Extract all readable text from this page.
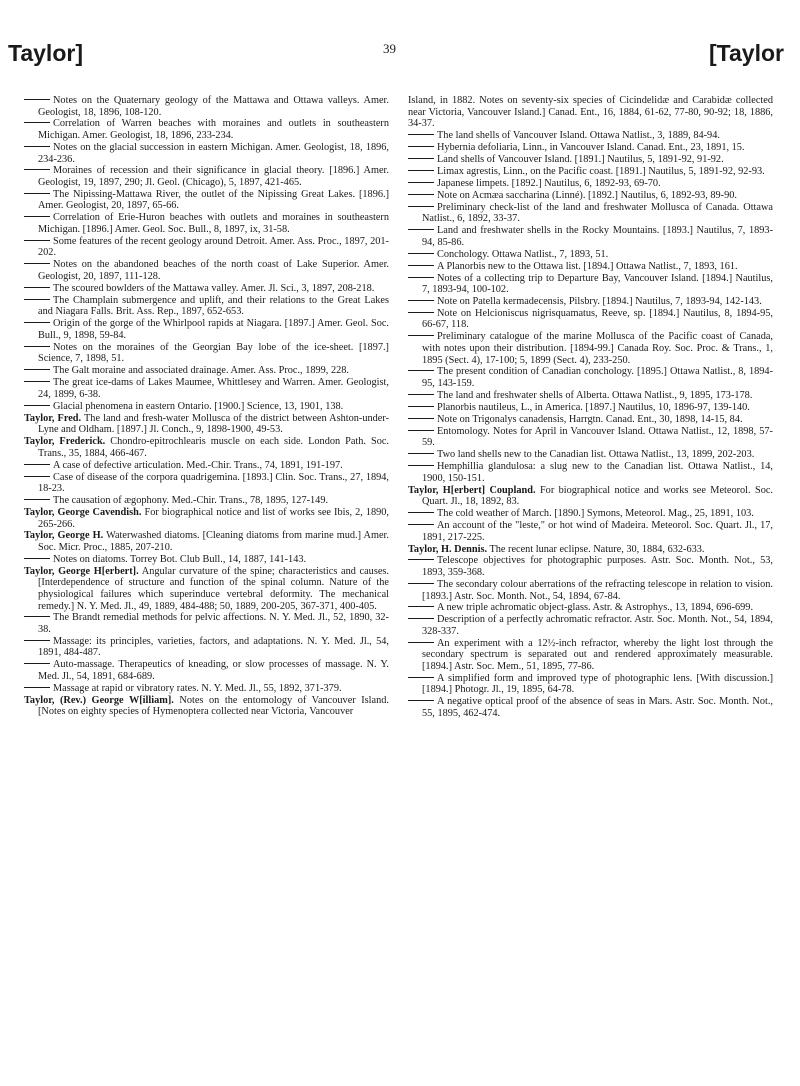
Taylor]	39	[Taylor

Notes on the Quaternary geology of the Mattawa and Ottawa valleys. Amer. Geologist, 18, 1896, 108-120.

Correlation of Warren beaches with moraines and outlets in southeastern Michigan. Amer. Geologist, 18, 1896, 233-234.

Notes on the glacial succession in eastern Michigan. Amer. Geologist, 18, 1896, 234-236.

Moraines of recession and their significance in glacial theory. [1896.] Amer. Geologist, 19, 1897, 290; Jl. Geol. (Chicago), 5, 1897, 421-465.

The Nipissing-Mattawa River, the outlet of the Nipissing Great Lakes. [1896.] Amer. Geologist, 20, 1897, 65-66.

Correlation of Erie-Huron beaches with outlets and moraines in southeastern Michigan. [1896.] Amer. Geol. Soc. Bull., 8, 1897, ix, 31-58.

Some features of the recent geology around Detroit. Amer. Ass. Proc., 1897, 201-202.

Notes on the abandoned beaches of the north coast of Lake Superior. Amer. Geologist, 20, 1897, 111-128.

The scoured bowlders of the Mattawa valley. Amer. Jl. Sci., 3, 1897, 208-218.

The Champlain submergence and uplift, and their relations to the Great Lakes and Niagara Falls. Brit. Ass. Rep., 1897, 652-653.

Origin of the gorge of the Whirlpool rapids at Niagara. [1897.] Amer. Geol. Soc. Bull., 9, 1898, 59-84.

Notes on the moraines of the Georgian Bay lobe of the ice-sheet. [1897.] Science, 7, 1898, 51.

The Galt moraine and associated drainage. Amer. Ass. Proc., 1899, 228.

The great ice-dams of Lakes Maumee, Whittlesey and Warren. Amer. Geologist, 24, 1899, 6-38.

Glacial phenomena in eastern Ontario. [1900.] Science, 13, 1901, 138.

Taylor, Fred. The land and fresh-water Mollusca of the district between Ashton-under-Lyne and Oldham. [1897.] Jl. Conch., 9, 1898-1900, 49-53.

Taylor, Frederick. Chondro-epitrochlearis muscle on each side. London Path. Soc. Trans., 35, 1884, 466-467.

A case of defective articulation. Med.-Chir. Trans., 74, 1891, 191-197.

Case of disease of the corpora quadrigemina. [1893.] Clin. Soc. Trans., 27, 1894, 18-23.

The causation of ægophony. Med.-Chir. Trans., 78, 1895, 127-149.

Taylor, George Cavendish. For biographical notice and list of works see Ibis, 2, 1890, 265-266.

Taylor, George H. Waterwashed diatoms. [Cleaning diatoms from marine mud.] Amer. Soc. Micr. Proc., 1885, 207-210.

Notes on diatoms. Torrey Bot. Club Bull., 14, 1887, 141-143.

Taylor, George H[erbert]. Angular curvature of the spine; characteristics and causes. [Interdependence of structure and function of the spinal column. Nature of the physiological failures which superinduce vertebral deformity. The mechanical remedy.] N. Y. Med. Jl., 49, 1889, 484-488; 50, 1889, 200-205, 367-371, 400-405.

The Brandt remedial methods for pelvic affections. N. Y. Med. Jl., 52, 1890, 32-38.

Massage: its principles, varieties, factors, and adaptations. N. Y. Med. Jl., 54, 1891, 484-487.

Auto-massage. Therapeutics of kneading, or slow processes of massage. N. Y. Med. Jl., 54, 1891, 684-689.

Massage at rapid or vibratory rates. N. Y. Med. Jl., 55, 1892, 371-379.

Taylor, (Rev.) George W[illiam]. Notes on the entomology of Vancouver Island. [Notes on eighty species of Hymenoptera collected near Victoria, Vancouver

Island, in 1882. Notes on seventy-six species of Cicindelidæ and Carabidæ collected near Victoria, Vancouver Island.] Canad. Ent., 16, 1884, 61-62, 77-80, 90-92; 18, 1886, 34-37.

The land shells of Vancouver Island. Ottawa Natlist., 3, 1889, 84-94.

Hybernia defoliaria, Linn., in Vancouver Island. Canad. Ent., 23, 1891, 15.

Land shells of Vancouver Island. [1891.] Nautilus, 5, 1891-92, 91-92.

Limax agrestis, Linn., on the Pacific coast. [1891.] Nautilus, 5, 1891-92, 92-93.

Japanese limpets. [1892.] Nautilus, 6, 1892-93, 69-70.

Note on Acmæa saccharina (Linné). [1892.] Nautilus, 6, 1892-93, 89-90.

Preliminary check-list of the land and freshwater Mollusca of Canada. Ottawa Natlist., 6, 1892, 33-37.

Land and freshwater shells in the Rocky Mountains. [1893.] Nautilus, 7, 1893-94, 85-86.

Conchology. Ottawa Natlist., 7, 1893, 51.

A Planorbis new to the Ottawa list. [1894.] Ottawa Natlist., 7, 1893, 161.

Notes of a collecting trip to Departure Bay, Vancouver Island. [1894.] Nautilus, 7, 1893-94, 100-102.

Note on Patella kermadecensis, Pilsbry. [1894.] Nautilus, 7, 1893-94, 142-143.

Note on Helcioniscus nigrisquamatus, Reeve, sp. [1894.] Nautilus, 8, 1894-95, 66-67, 118.

Preliminary catalogue of the marine Mollusca of the Pacific coast of Canada, with notes upon their distribution. [1894-99.] Canada Roy. Soc. Proc. & Trans., 1, 1895 (Sect. 4), 17-100; 5, 1899 (Sect. 4), 233-250.

The present condition of Canadian conchology. [1895.] Ottawa Natlist., 8, 1894-95, 143-159.

The land and freshwater shells of Alberta. Ottawa Natlist., 9, 1895, 173-178.

Planorbis nautileus, L., in America. [1897.] Nautilus, 10, 1896-97, 139-140.

Note on Trigonalys canadensis, Harrgtn. Canad. Ent., 30, 1898, 14-15, 84.

Entomology. Notes for April in Vancouver Island. Ottawa Natlist., 12, 1898, 57-59.

Two land shells new to the Canadian list. Ottawa Natlist., 13, 1899, 202-203.

Hemphillia glandulosa: a slug new to the Canadian list. Ottawa Natlist., 14, 1900, 150-151.

Taylor, H[erbert] Coupland. For biographical notice and works see Meteorol. Soc. Quart. Jl., 18, 1892, 83.

The cold weather of March. [1890.] Symons, Meteorol. Mag., 25, 1891, 103.

An account of the "leste," or hot wind of Madeira. Meteorol. Soc. Quart. Jl., 17, 1891, 217-225.

Taylor, H. Dennis. The recent lunar eclipse. Nature, 30, 1884, 632-633.

Telescope objectives for photographic purposes. Astr. Soc. Month. Not., 53, 1893, 359-368.

The secondary colour aberrations of the refracting telescope in relation to vision. [1893.] Astr. Soc. Month. Not., 54, 1894, 67-84.

A new triple achromatic object-glass. Astr. & Astrophys., 13, 1894, 696-699.

Description of a perfectly achromatic refractor. Astr. Soc. Month. Not., 54, 1894, 328-337.

An experiment with a 12½-inch refractor, whereby the light lost through the secondary spectrum is separated out and rendered approximately measurable. [1894.] Astr. Soc. Mem., 51, 1895, 77-86.

A simplified form and improved type of photographic lens. [With discussion.] [1894.] Photogr. Jl., 19, 1895, 64-78.

A negative optical proof of the absence of seas in Mars. Astr. Soc. Month. Not., 55, 1895, 462-474.
